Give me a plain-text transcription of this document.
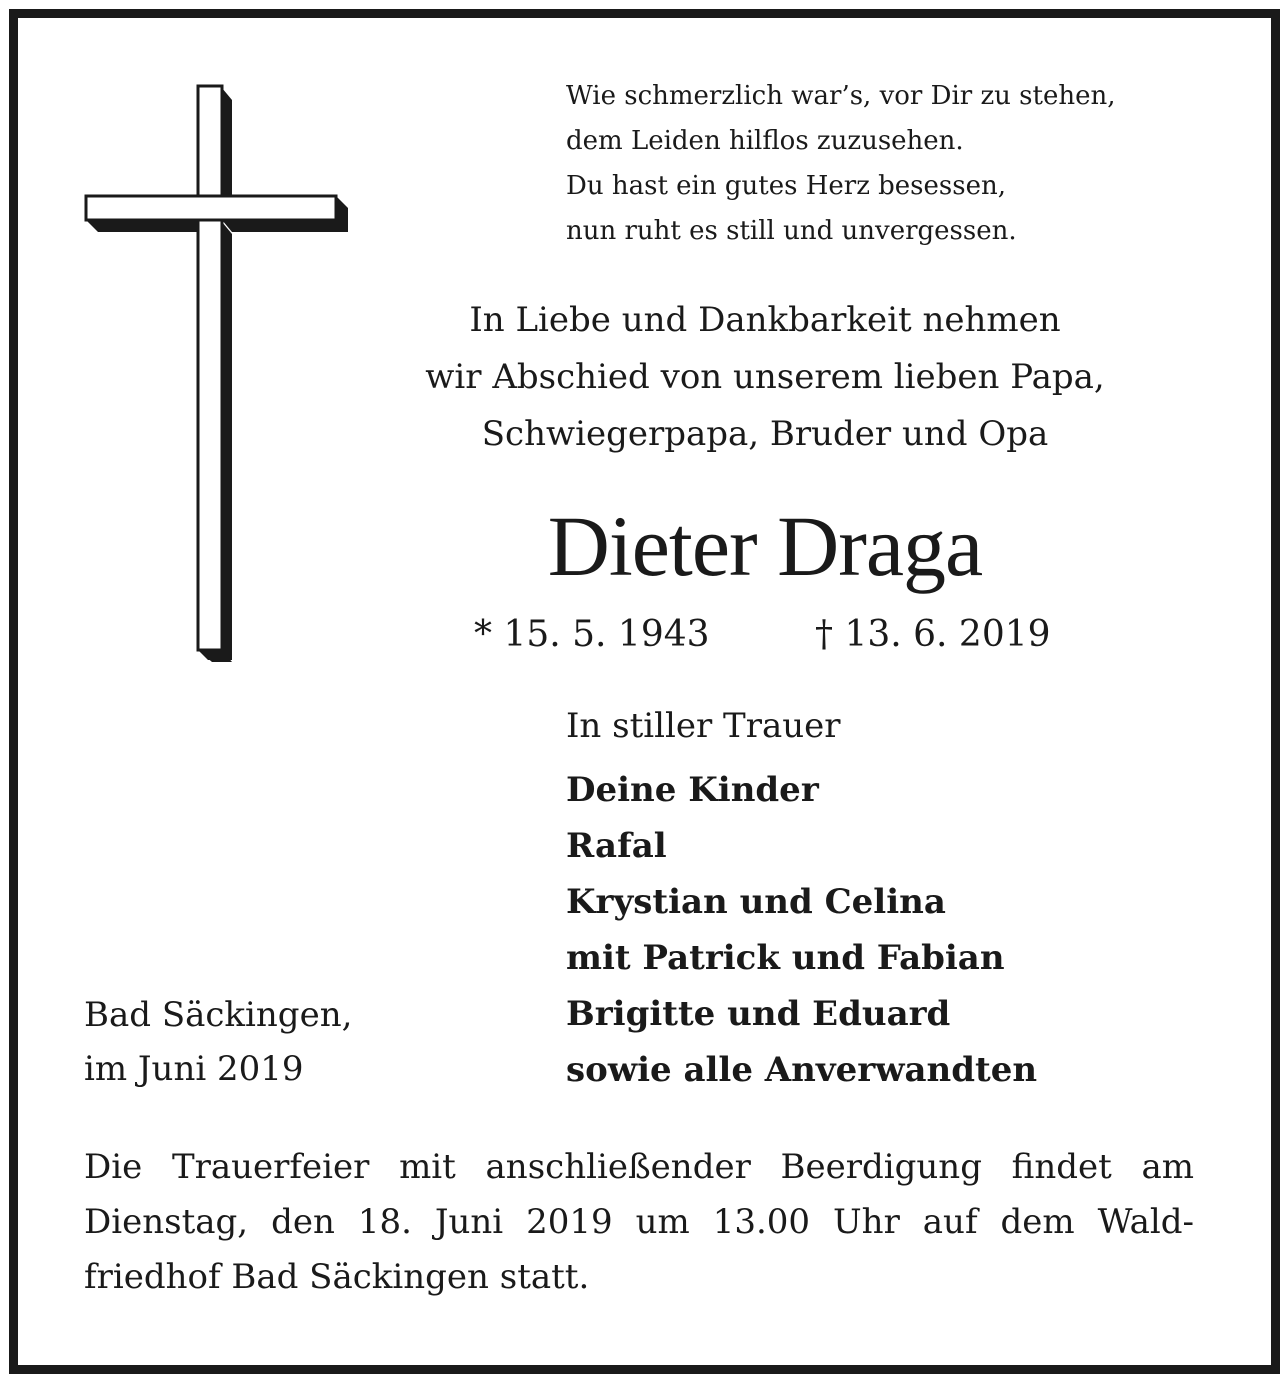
Wie schmerzlich war’s, vor Dir zu stehen,
dem Leiden hilflos zuzusehen.
Du hast ein gutes Herz besessen,
nun ruht es still und unvergessen.
In Liebe und Dankbarkeit nehmen
wir Abschied von unserem lieben Papa,
Schwiegerpapa, Bruder und Opa
Dieter Draga
* 15. 5. 1943	† 13. 6. 2019
In stiller Trauer
Deine Kinder
Rafal
Krystian und Celina
mit Patrick und Fabian
Brigitte und Eduard
sowie alle Anverwandten
Bad Säckingen,
im Juni 2019
Die Trauerfeier mit anschließender Beerdigung findet am
Dienstag, den 18. Juni 2019 um 13.00 Uhr auf dem Wald-
friedhof Bad Säckingen statt.
